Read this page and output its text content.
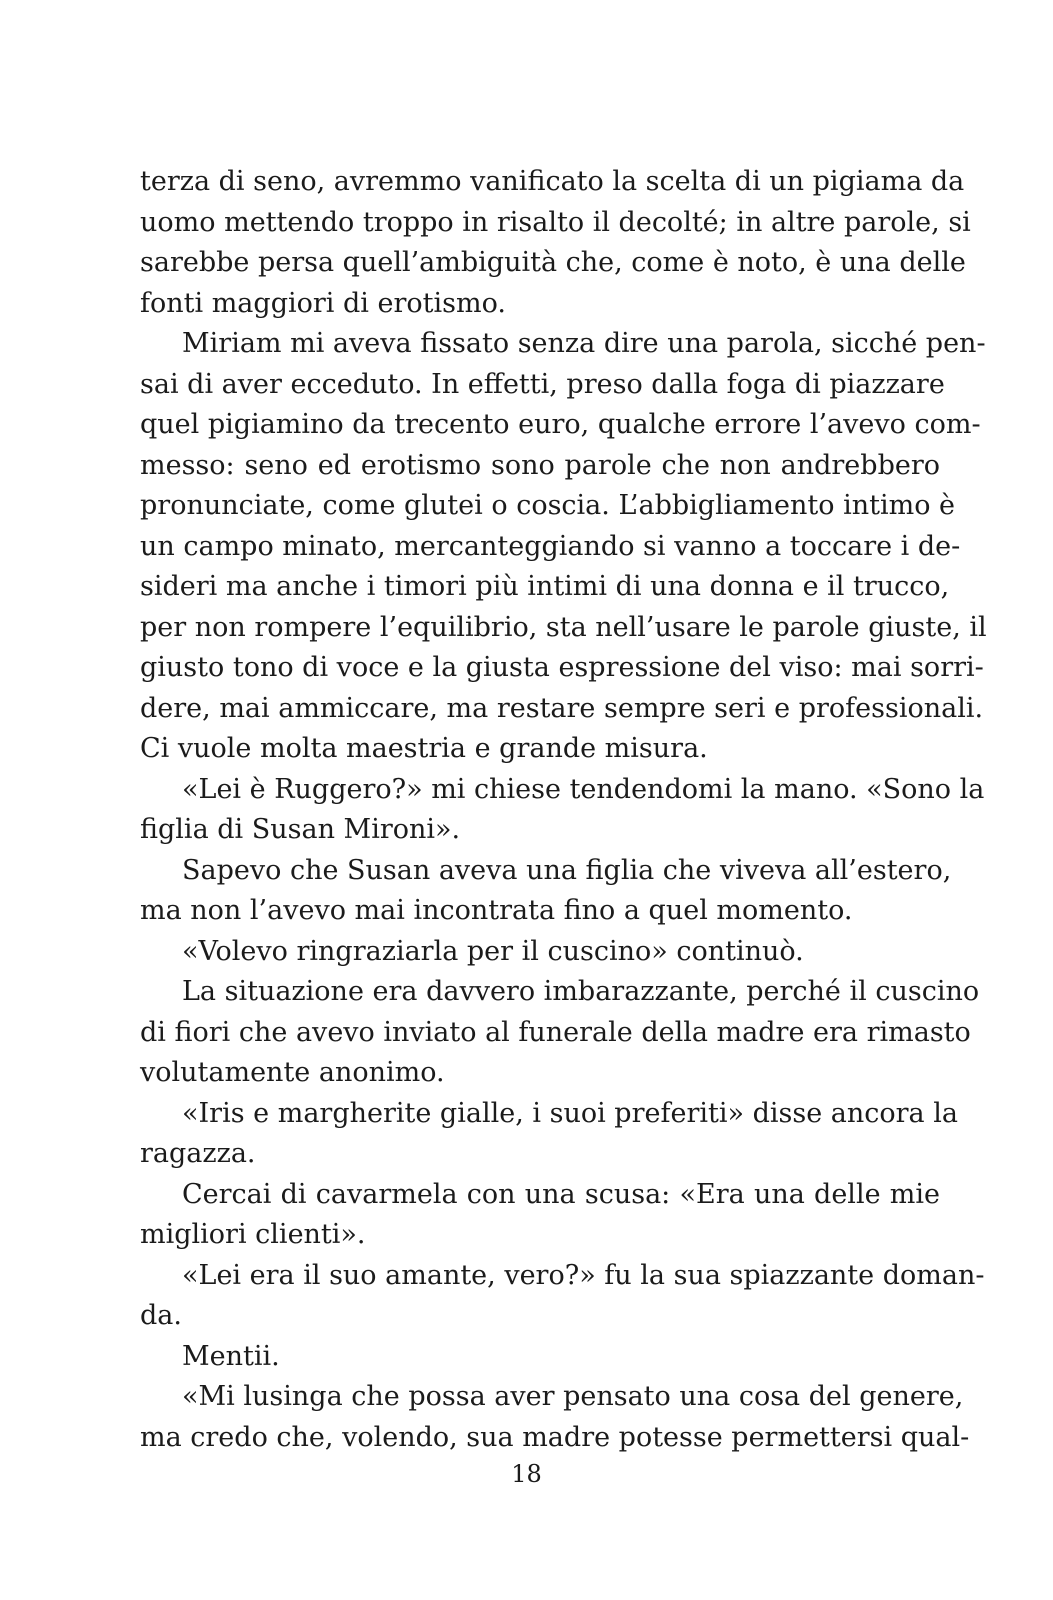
terza di seno, avremmo vanificato la scelta di un pigiama da
uomo mettendo troppo in risalto il decolté; in altre parole, si
sarebbe persa quell’ambiguità che, come è noto, è una delle
fonti maggiori di erotismo.
Miriam mi aveva fissato senza dire una parola, sicché pen-
sai di aver ecceduto. In effetti, preso dalla foga di piazzare
quel pigiamino da trecento euro, qualche errore l’avevo com-
messo: seno ed erotismo sono parole che non andrebbero
pronunciate, come glutei o coscia. L’abbigliamento intimo è
un campo minato, mercanteggiando si vanno a toccare i de-
sideri ma anche i timori più intimi di una donna e il trucco,
per non rompere l’equilibrio, sta nell’usare le parole giuste, il
giusto tono di voce e la giusta espressione del viso: mai sorri-
dere, mai ammiccare, ma restare sempre seri e professionali.
Ci vuole molta maestria e grande misura.
«Lei è Ruggero?» mi chiese tendendomi la mano. «Sono la
figlia di Susan Mironi».
Sapevo che Susan aveva una figlia che viveva all’estero,
ma non l’avevo mai incontrata fino a quel momento.
«Volevo ringraziarla per il cuscino» continuò.
La situazione era davvero imbarazzante, perché il cuscino
di fiori che avevo inviato al funerale della madre era rimasto
volutamente anonimo.
«Iris e margherite gialle, i suoi preferiti» disse ancora la
ragazza.
Cercai di cavarmela con una scusa: «Era una delle mie
migliori clienti».
«Lei era il suo amante, vero?» fu la sua spiazzante doman-
da.
Mentii.
«Mi lusinga che possa aver pensato una cosa del genere,
ma credo che, volendo, sua madre potesse permettersi qual-
18
